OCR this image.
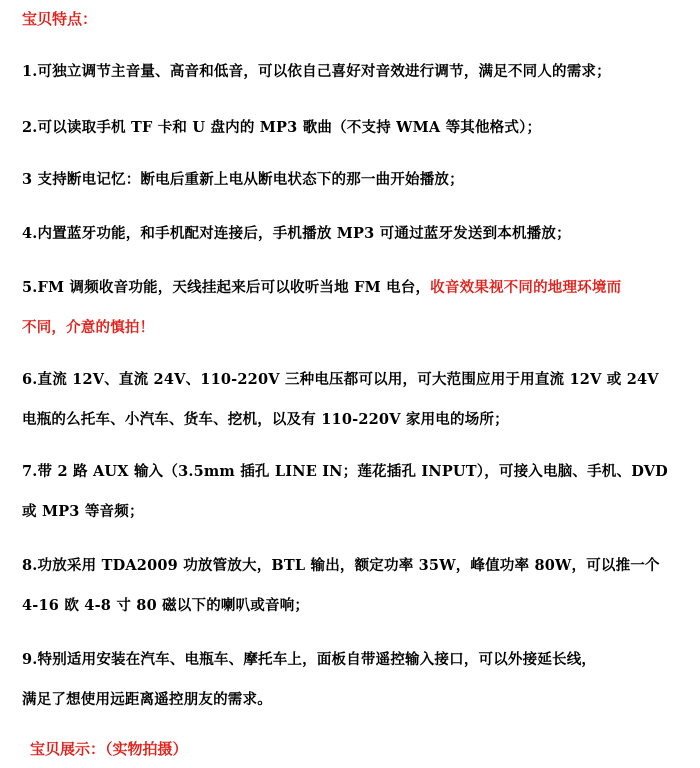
宝贝特点：
1.可独立调节主音量、高音和低音，可以依自己喜好对音效进行调节，满足不同人的需求；
2.可以读取手机 TF 卡和 U 盘内的 MP3 歌曲（不支持 WMA 等其他格式）；
3 支持断电记忆：断电后重新上电从断电状态下的那一曲开始播放；
4.内置蓝牙功能，和手机配对连接后，手机播放 MP3 可通过蓝牙发送到本机播放；
5.FM 调频收音功能，天线挂起来后可以收听当地 FM 电台，收音效果视不同的地理环境而
不同，介意的慎拍！
6.直流 12V、直流 24V、110-220V 三种电压都可以用，可大范围应用于用直流 12V 或 24V
电瓶的么托车、小汽车、货车、挖机，以及有 110-220V 家用电的场所；
7.带 2 路 AUX 输入（3.5mm 插孔 LINE IN；莲花插孔 INPUT），可接入电脑、手机、DVD
或 MP3 等音频；
8.功放采用 TDA2009 功放管放大，BTL 输出，额定功率 35W，峰值功率 80W，可以推一个
4-16 欧 4-8 寸 80 磁以下的喇叭或音响；
9.特别适用安装在汽车、电瓶车、摩托车上，面板自带遥控输入接口，可以外接延长线，
满足了想使用远距离遥控朋友的需求。
宝贝展示：（实物拍摄）
